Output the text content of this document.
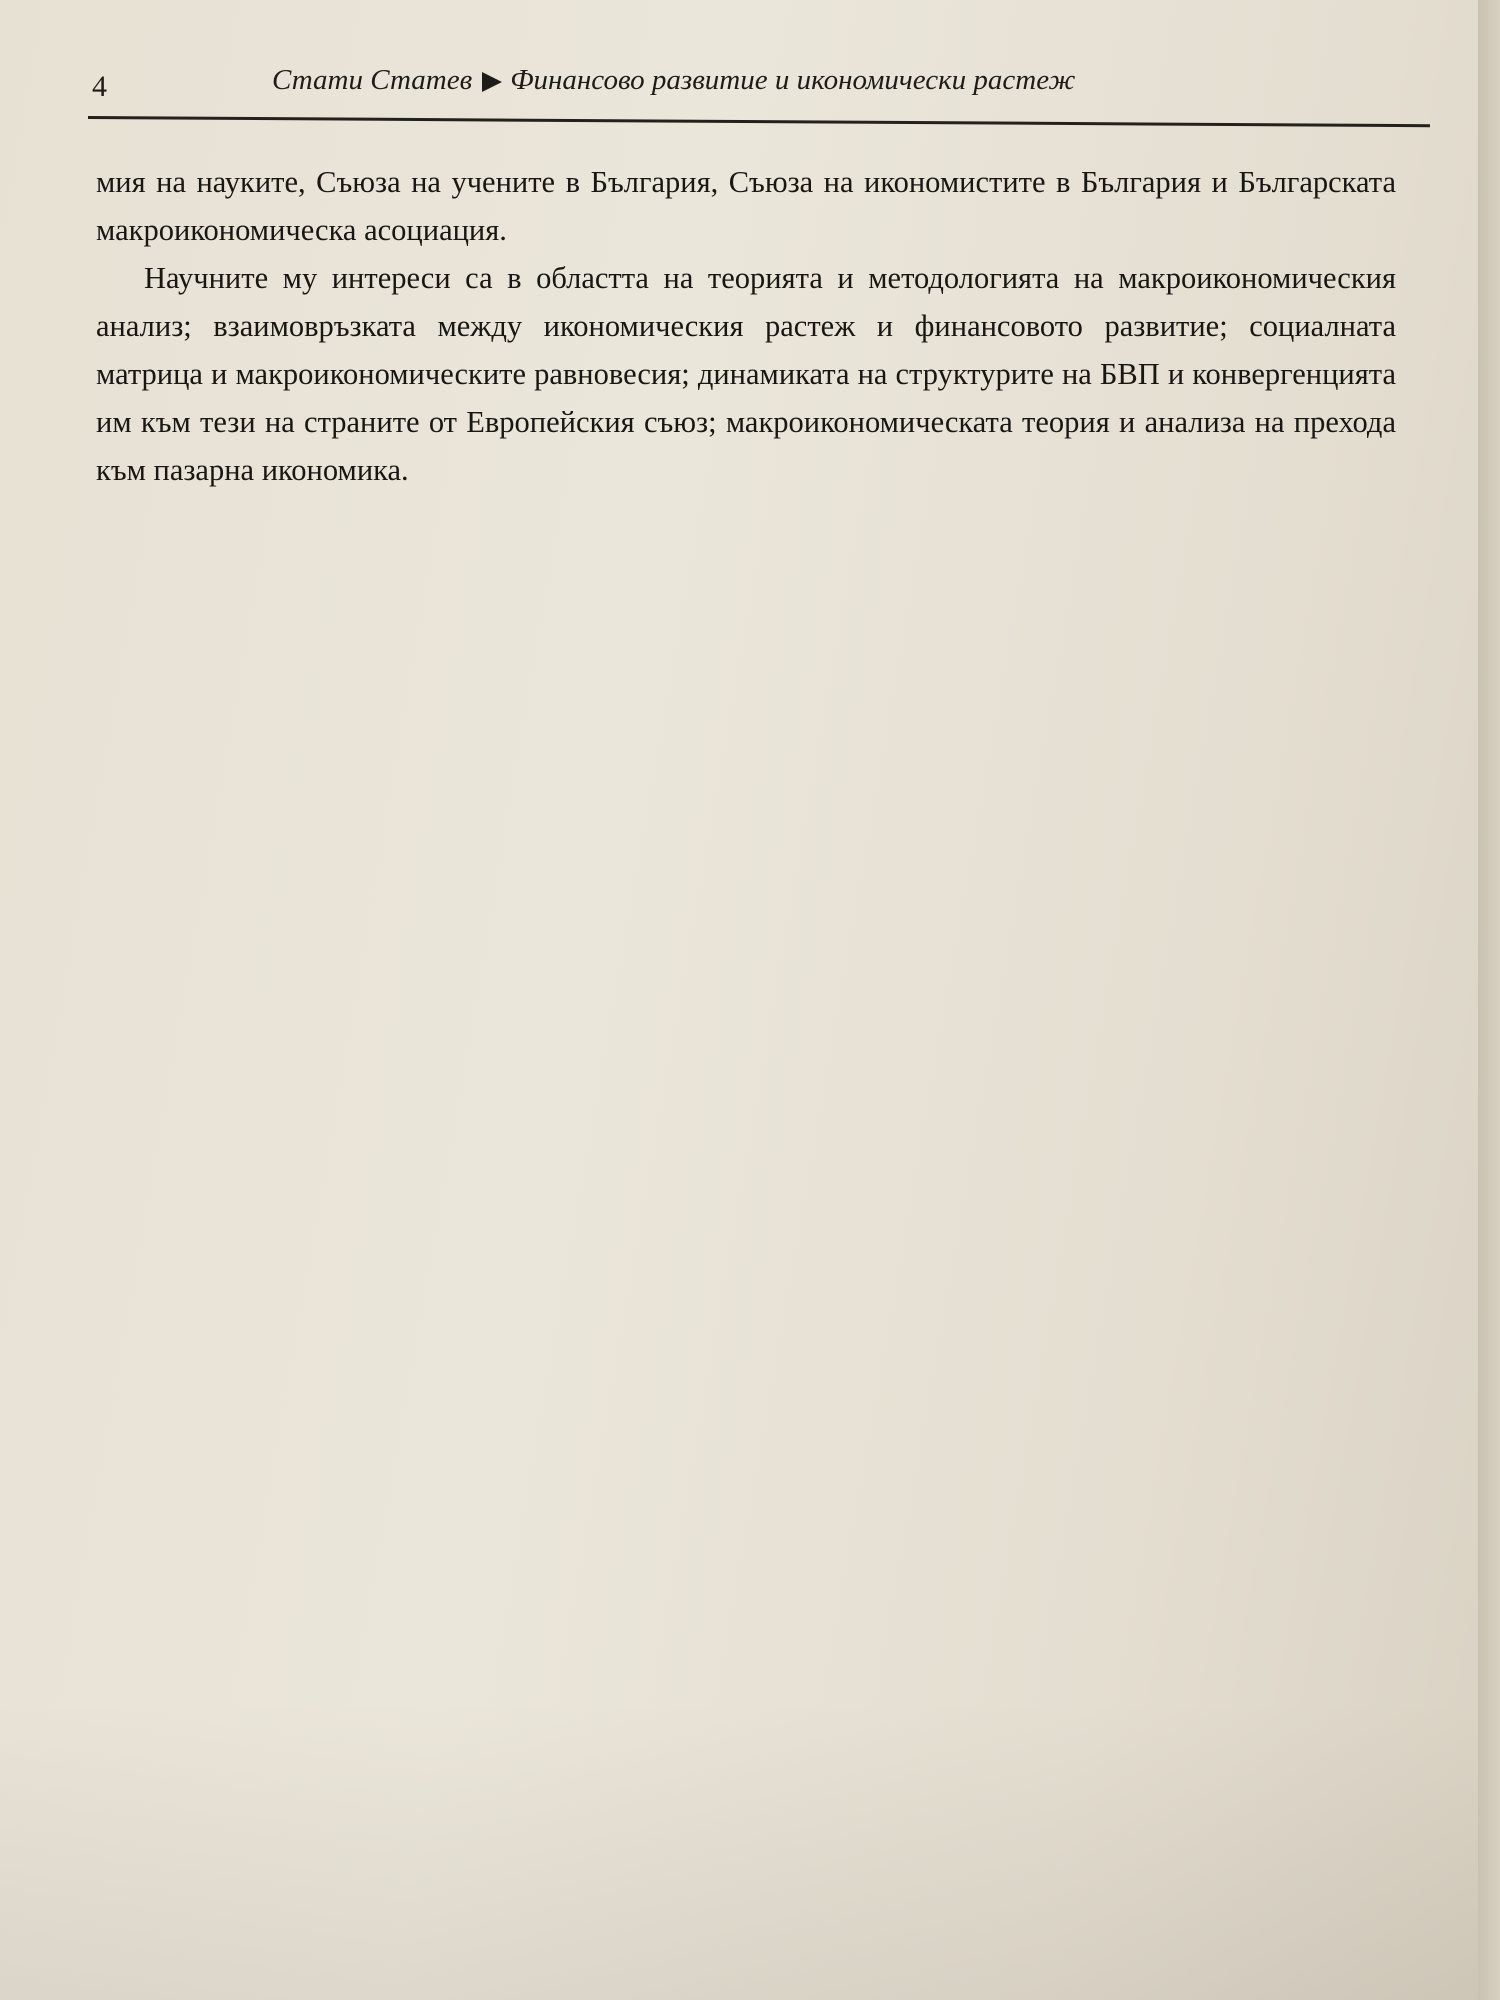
4	Стати Статев Финансово развитие и икономически растеж

мия на науките, Съюза на учените в България, Съюза на икономистите в България и Българската макроикономическа асоциация.

Научните му интереси са в областта на теорията и методологията на макроикономическия анализ; взаимовръзката между икономическия растеж и финансовото развитие; социалната матрица и макроикономическите равновесия; динамиката на структурите на БВП и конвергенцията им към тези на страните от Европейския съюз; макроикономическата теория и анализа на прехода към пазарна икономика.
